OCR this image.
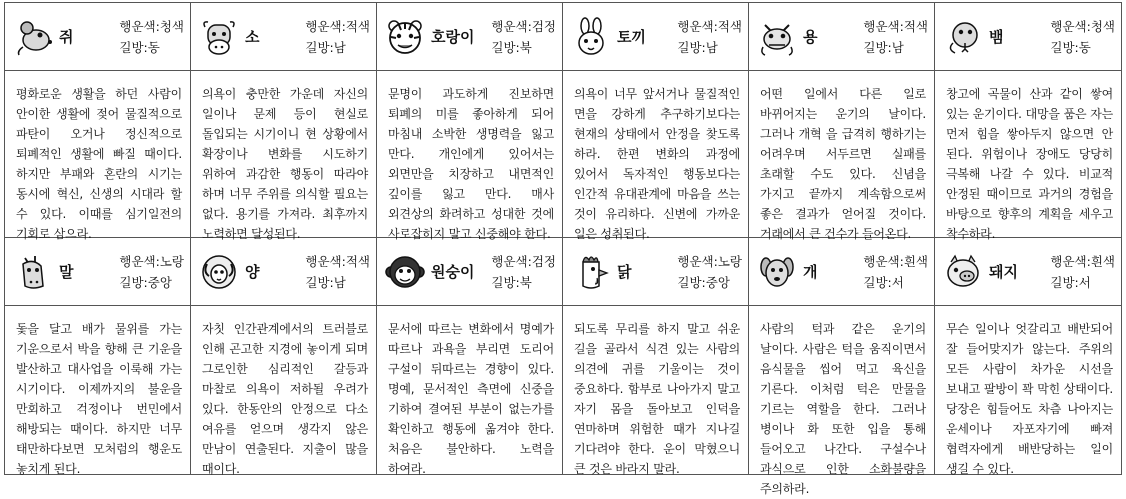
쥐
행운색:청색
길방:동
소
행운색:적색
길방:남
호랑이
행운색:검정
길방:북
토끼
행운색:적색
길방:남
용
행운색:적색
길방:남
뱀
행운색:청색
길방:동
평화로운 생활을 하던 사람이 안이한 생활에 젖어 물질적으로 파탄이 오거나 정신적으로 퇴폐적인 생활에 빠질 때이다. 하지만 부패와 혼란의 시기는 동시에 혁신, 신생의 시대라 할 수 있다. 이때를 심기일전의 기회로 삼으라.
의욕이 충만한 가운데 자신의 일이나 문제 등이 현실로 돌입되는 시기이니 현 상황에서 확장이나 변화를 시도하기 위하여 과감한 행동이 따라야 하며 너무 주위를 의식할 필요는 없다. 용기를 가져라. 최후까지 노력하면 달성된다.
문명이 과도하게 진보하면 퇴폐의 미를 좋아하게 되어 마침내 소박한 생명력을 잃고 만다. 개인에게 있어서는 외면만을 치장하고 내면적인 깊이를 잃고 만다. 매사 외견상의 화려하고 성대한 것에 사로잡히지 말고 신중해야 한다.
의욕이 너무 앞서거나 물질적인 면을 강하게 추구하기보다는 현재의 상태에서 안정을 찾도록 하라. 한편 변화의 과정에 있어서 독자적인 행동보다는 인간적 유대관계에 마음을 쓰는 것이 유리하다. 신변에 가까운 일은 성취된다.
어떤 일에서 다른 일로 바뀌어지는 운기의 날이다. 그러나 개혁 을 급격히 행하기는 어려우며 서두르면 실패를 초래할 수도 있다. 신념을 가지고 끝까지 계속함으로써 좋은 결과가 얻어질 것이다. 거래에서 큰 건수가 들어온다.
창고에 곡물이 산과 같이 쌓여 있는 운기이다. 대망을 품은 자는 먼저 힘을 쌓아두지 않으면 안 된다. 위험이나 장애도 당당히 극복해 나갈 수 있다. 비교적 안정된 때이므로 과거의 경험을 바탕으로 향후의 계획을 세우고 착수하라.
말
행운색:노랑
길방:중앙
양
행운색:적색
길방:남
원숭이
행운색:검정
길방:북
닭
행운색:노랑
길방:중앙
개
행운색:흰색
길방:서
돼지
행운색:흰색
길방:서
돛을 달고 배가 물위를 가는 기운으로서 박을 향해 큰 기운을 발산하고 대사업을 이룩해 가는 시기이다. 이제까지의 불운을 만회하고 걱정이나 번민에서 해방되는 때이다. 하지만 너무 태만하다보면 모처럼의 행운도 놓치게 된다.
자칫 인간관계에서의 트러블로 인해 곤고한 지경에 놓이게 되며 그로인한 심리적인 갈등과 마찰로 의욕이 저하될 우려가 있다. 한동안의 안정으로 다소 여유를 얻으며 생각지 않은 만남이 연출된다. 지출이 많을 때이다.
문서에 따르는 변화에서 명예가 따르나 과욕을 부리면 도리어 구설이 뒤따르는 경향이 있다. 명예, 문서적인 측면에 신중을 기하여 결여된 부분이 없는가를 확인하고 행동에 옮겨야 한다. 처음은 불안하다. 노력을 하여라.
되도록 무리를 하지 말고 쉬운 길을 골라서 식견 있는 사람의 의견에 귀를 기울이는 것이 중요하다. 함부로 나아가지 말고 자기 몸을 돌아보고 인덕을 연마하며 위험한 때가 지나길 기다려야 한다. 운이 막혔으니 큰 것은 바라지 말라.
사람의 턱과 같은 운기의 날이다. 사람은 턱을 움직이면서 음식물을 씹어 먹고 육신을 기른다. 이처럼 턱은 만물을 기르는 역할을 한다. 그러나 병이나 화 또한 입을 통해 들어오고 나간다. 구설수나 과식으로 인한 소화불량을 주의하라.
무슨 일이나 엇갈리고 배반되어 잘 들어맞지가 않는다. 주위의 모든 사람이 차가운 시선을 보내고 팔방이 꽉 막힌 상태이다. 당장은 힘들어도 차츰 나아지는 운세이나 자포자기에 빠져 협력자에게 배반당하는 일이 생길 수 있다.
